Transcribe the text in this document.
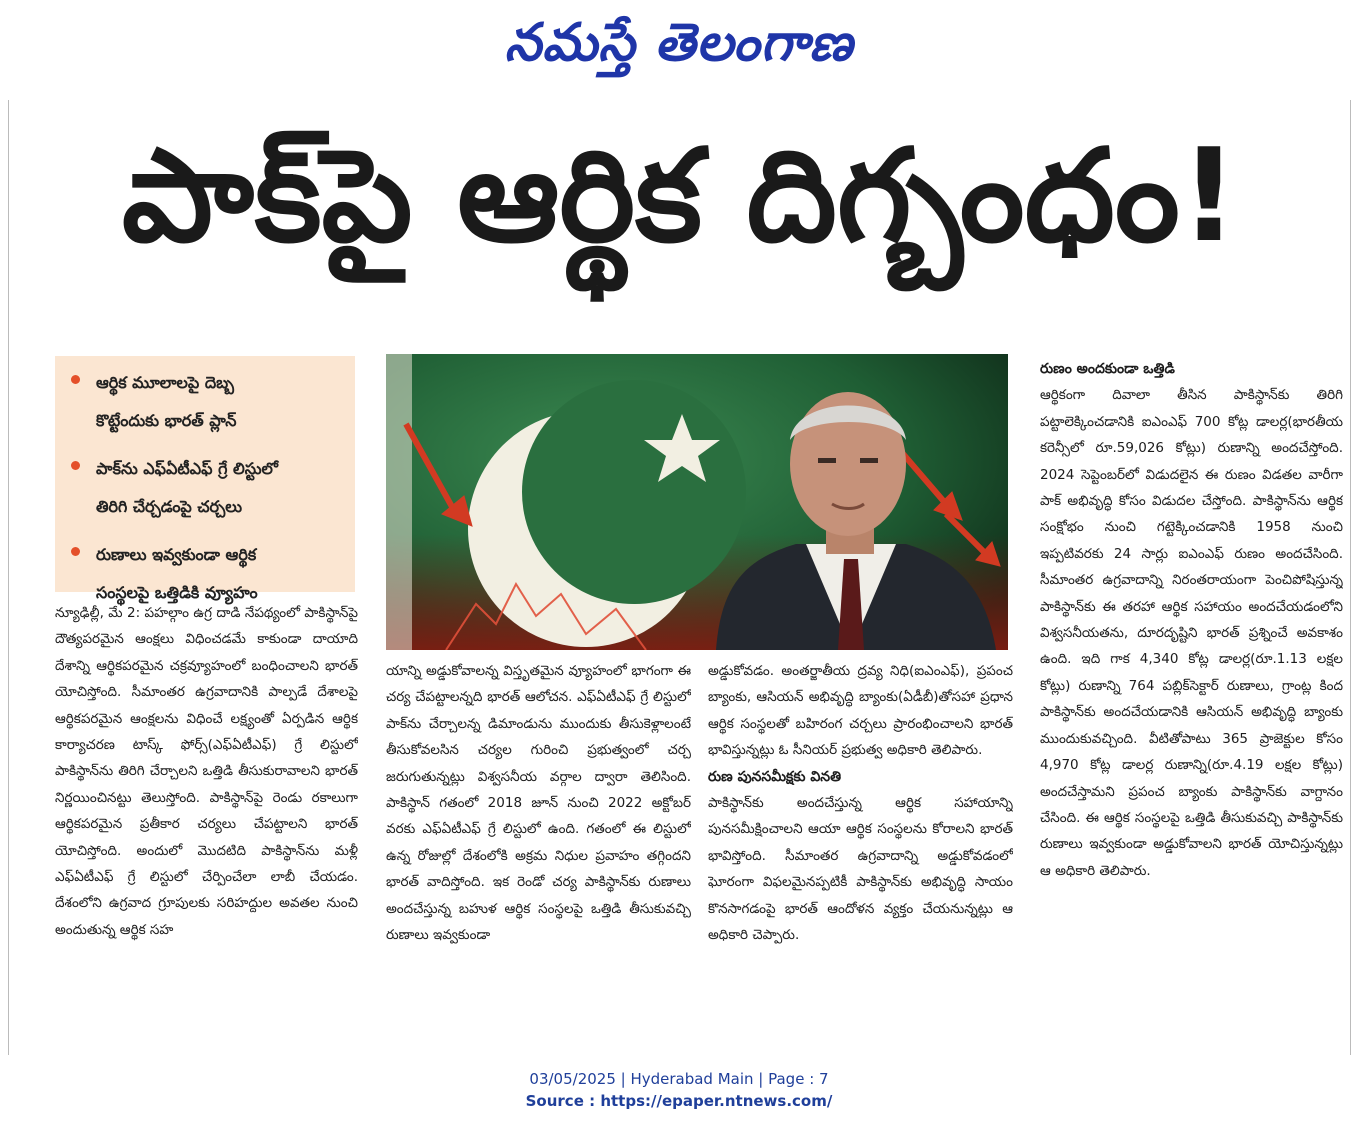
నమస్తే తెలంగాణ
పాక్‌పై ఆర్థిక దిగ్బంధం!
ఆర్థిక మూలాలపై దెబ్బ
కొట్టేందుకు భారత్ ప్లాన్
పాక్‌ను ఎఫ్ఏటీఎఫ్ గ్రే లిస్టులో
తిరిగి చేర్చడంపై చర్చలు
రుణాలు ఇవ్వకుండా ఆర్థిక
సంస్థలపై ఒత్తిడికి వ్యూహం

న్యూఢిల్లీ, మే 2: పహల్గాం ఉగ్ర దాడి నేపథ్యంలో పాకిస్థాన్‌పై దౌత్యపరమైన ఆంక్షలు విధించడమే కాకుండా దాయాది దేశాన్ని ఆర్థికపరమైన చక్రవ్యూహంలో బంధించాలని భారత్ యోచిస్తోంది. సీమాంతర ఉగ్రవాదానికి పాల్పడే దేశాలపై ఆర్థికపరమైన ఆంక్షలను విధించే లక్ష్యంతో ఏర్పడిన ఆర్థిక కార్యాచరణ టాస్క్ ఫోర్స్(ఎఫ్ఏటీఎఫ్) గ్రే లిస్టులో పాకిస్థాన్‌ను తిరిగి చేర్చాలని ఒత్తిడి తీసుకురావాలని భారత్ నిర్ణయించినట్టు తెలుస్తోంది. పాకిస్థాన్‌పై రెండు రకాలుగా ఆర్థికపరమైన ప్రతీకార చర్యలు చేపట్టాలని భారత్ యోచిస్తోంది. అందులో మొదటిది పాకిస్థాన్‌ను మళ్లీ ఎఫ్ఏటీఎఫ్ గ్రే లిస్టులో చేర్పించేలా లాబీ చేయడం. దేశంలోని ఉగ్రవాద గ్రూపులకు సరిహద్దుల అవతల నుంచి అందుతున్న ఆర్థిక సహ

యాన్ని అడ్డుకోవాలన్న విస్తృతమైన వ్యూహంలో భాగంగా ఈ చర్య చేపట్టాలన్నది భారత్ ఆలోచన. ఎఫ్ఏటీఎఫ్ గ్రే లిస్టులో పాక్‌ను చేర్చాలన్న డిమాండును ముందుకు తీసుకెళ్లాలంటే తీసుకోవలసిన చర్యల గురించి ప్రభుత్వంలో చర్చ జరుగుతున్నట్లు విశ్వసనీయ వర్గాల ద్వారా తెలిసింది. పాకిస్థాన్ గతంలో 2018 జూన్ నుంచి 2022 అక్టోబర్ వరకు ఎఫ్ఏటీఎఫ్ గ్రే లిస్టులో ఉంది. గతంలో ఈ లిస్టులో ఉన్న రోజుల్లో దేశంలోకి అక్రమ నిధుల ప్రవాహం తగ్గిందని భారత్ వాదిస్తోంది. ఇక రెండో చర్య పాకిస్థాన్‌కు రుణాలు అందచేస్తున్న బహుళ ఆర్థిక సంస్థలపై ఒత్తిడి తీసుకువచ్చి రుణాలు ఇవ్వకుండా

అడ్డుకోవడం. అంతర్జాతీయ ద్రవ్య నిధి(ఐఎంఎఫ్), ప్రపంచ బ్యాంకు, ఆసియన్ అభివృద్ధి బ్యాంకు(ఏడీబీ)తోసహా ప్రధాన ఆర్థిక సంస్థలతో బహిరంగ చర్చలు ప్రారంభించాలని భారత్ భావిస్తున్నట్లు ఓ సీనియర్ ప్రభుత్వ అధికారి తెలిపారు.

రుణ పునసమీక్షకు వినతి

పాకిస్థాన్‌కు అందచేస్తున్న ఆర్థిక సహాయాన్ని పునసమీక్షించాలని ఆయా ఆర్థిక సంస్థలను కోరాలని భారత్ భావిస్తోంది. సీమాంతర ఉగ్రవాదాన్ని అడ్డుకోవడంలో ఘోరంగా విఫలమైనప్పటికీ పాకిస్థాన్‌కు అభివృద్ధి సాయం కొనసాగడంపై భారత్ ఆందోళన వ్యక్తం చేయనున్నట్లు ఆ అధికారి చెప్పారు.

రుణం అందకుండా ఒత్తిడి

ఆర్థికంగా దివాలా తీసిన పాకిస్థాన్‌కు తిరిగి పట్టాలెక్కించడానికి ఐఎంఎఫ్ 700 కోట్ల డాలర్ల(భారతీయ కరెన్సీలో రూ.59,026 కోట్లు) రుణాన్ని అందచేస్తోంది. 2024 సెప్టెంబర్‌లో విడుదలైన ఈ రుణం విడతల వారీగా పాక్ అభివృద్ధి కోసం విడుదల చేస్తోంది. పాకిస్థాన్‌ను ఆర్థిక సంక్షోభం నుంచి గట్టెక్కించడానికి 1958 నుంచి ఇప్పటివరకు 24 సార్లు ఐఎంఎఫ్ రుణం అందచేసింది. సీమాంతర ఉగ్రవాదాన్ని నిరంతరాయంగా పెంచిపోషిస్తున్న పాకిస్థాన్‌కు ఈ తరహా ఆర్థిక సహాయం అందచేయడంలోని విశ్వసనీయతను, దూరదృష్టిని భారత్ ప్రశ్నించే అవకాశం ఉంది. ఇది గాక 4,340 కోట్ల డాలర్ల(రూ.1.13 లక్షల కోట్లు) రుణాన్ని 764 పబ్లిక్‌సెక్టార్ రుణాలు, గ్రాంట్ల కింద పాకిస్థాన్‌కు అందచేయడానికి ఆసియన్ అభివృద్ధి బ్యాంకు ముందుకువచ్చింది. వీటితోపాటు 365 ప్రాజెక్టుల కోసం 4,970 కోట్ల డాలర్ల రుణాన్ని(రూ.4.19 లక్షల కోట్లు) అందచేస్తామని ప్రపంచ బ్యాంకు పాకిస్థాన్‌కు వాగ్దానం చేసింది. ఈ ఆర్థిక సంస్థలపై ఒత్తిడి తీసుకువచ్చి పాకిస్థాన్‌కు రుణాలు ఇవ్వకుండా అడ్డుకోవాలని భారత్ యోచిస్తున్నట్లు ఆ అధికారి తెలిపారు.

03/05/2025 | Hyderabad Main | Page : 7
Source : https://epaper.ntnews.com/
